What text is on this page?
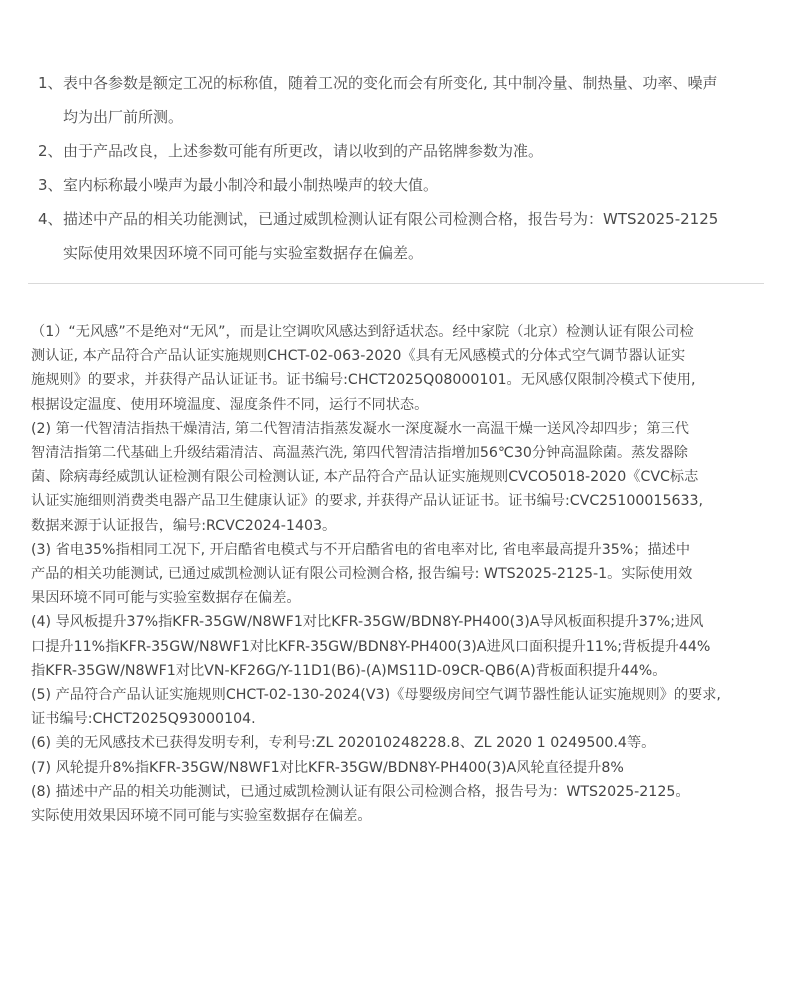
1、 表中各参数是额定工况的标称值，随着工况的变化而会有所变化, 其中制冷量、制热量、功率、噪声
均为出厂前所测。
2、 由于产品改良，上述参数可能有所更改，请以收到的产品铭牌参数为准。
3、 室内标称最小噪声为最小制冷和最小制热噪声的较大值。
4、 描述中产品的相关功能测试，已通过威凯检测认证有限公司检测合格，报告号为：WTS2025-2125
实际使用效果因环境不同可能与实验室数据存在偏差。
（1）“无风感”不是绝对“无风”，而是让空调吹风感达到舒适状态。经中家院（北京）检测认证有限公司检
测认证, 本产品符合产品认证实施规则CHCT-02-063-2020《具有无风感模式的分体式空气调节器认证实
施规则》的要求，并获得产品认证证书。证书编号:CHCT2025Q08000101。无风感仅限制冷模式下使用,
根据设定温度、使用环境温度、湿度条件不同，运行不同状态。
(2) 第一代智清洁指热干燥清洁, 第二代智清洁指蒸发凝水一深度凝水一高温干燥一送风冷却四步；第三代
智清洁指第二代基础上升级结霜清洁、高温蒸汽洗, 第四代智清洁指增加56℃30分钟高温除菌。蒸发器除
菌、除病毒经威凯认证检测有限公司检测认证, 本产品符合产品认证实施规则CVCO5018-2020《CVC标志
认证实施细则消费类电器产品卫生健康认证》的要求, 并获得产品认证证书。证书编号:CVC25100015633,
数据来源于认证报告，编号:RCVC2024-1403。
(3) 省电35%指相同工况下, 开启酷省电模式与不开启酷省电的省电率对比, 省电率最高提升35%；描述中
产品的相关功能测试, 已通过威凯检测认证有限公司检测合格, 报告编号: WTS2025-2125-1。实际使用效
果因环境不同可能与实验室数据存在偏差。
(4) 导风板提升37%指KFR-35GW/N8WF1对比KFR-35GW/BDN8Y-PH400(3)A导风板面积提升37%;进风
口提升11%指KFR-35GW/N8WF1对比KFR-35GW/BDN8Y-PH400(3)A进风口面积提升11%;背板提升44%
指KFR-35GW/N8WF1对比VN-KF26G/Y-11D1(B6)-(A)MS11D-09CR-QB6(A)背板面积提升44%。
(5) 产品符合产品认证实施规则CHCT-02-130-2024(V3)《母婴级房间空气调节器性能认证实施规则》的要求,
证书编号:CHCT2025Q93000104.
(6) 美的无风感技术已获得发明专利，专利号:ZL 202010248228.8、ZL 2020 1 0249500.4等。
(7) 风轮提升8%指KFR-35GW/N8WF1对比KFR-35GW/BDN8Y-PH400(3)A风轮直径提升8%
(8) 描述中产品的相关功能测试，已通过威凯检测认证有限公司检测合格，报告号为：WTS2025-2125。
实际使用效果因环境不同可能与实验室数据存在偏差。
